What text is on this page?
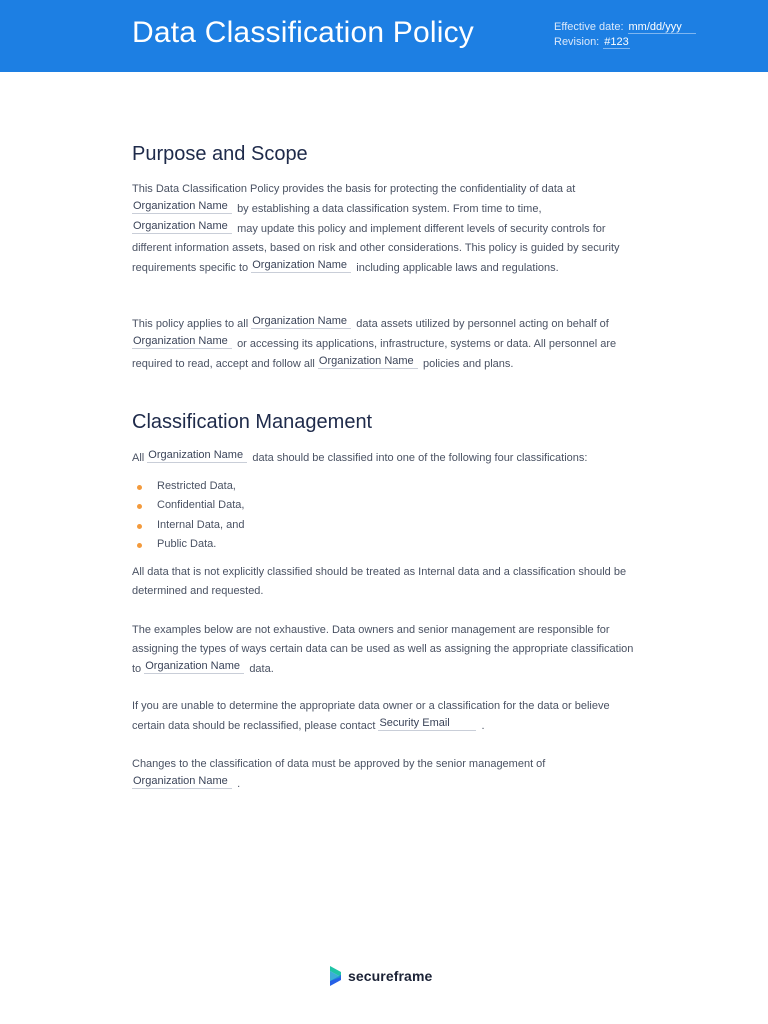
Data Classification Policy	Effective date: mm/dd/yyy
Revision: #123
Purpose and Scope

This Data Classification Policy provides the basis for protecting the confidentiality of data at Organization Name by establishing a data classification system. From time to time, Organization Name may update this policy and implement different levels of security controls for different information assets, based on risk and other considerations. This policy is guided by security requirements specific to Organization Name including applicable laws and regulations.

This policy applies to all Organization Name data assets utilized by personnel acting on behalf of Organization Name or accessing its applications, infrastructure, systems or data. All personnel are required to read, accept and follow all Organization Name policies and plans.

Classification Management

All Organization Name data should be classified into one of the following four classifications:

Restricted Data,
Confidential Data,
Internal Data, and
Public Data.

All data that is not explicitly classified should be treated as Internal data and a classification should be determined and requested.

The examples below are not exhaustive. Data owners and senior management are responsible for assigning the types of ways certain data can be used as well as assigning the appropriate classification to Organization Name data.

If you are unable to determine the appropriate data owner or a classification for the data or believe certain data should be reclassified, please contact Security Email	.

Changes to the classification of data must be approved by the senior management of Organization Name .

secureframe
